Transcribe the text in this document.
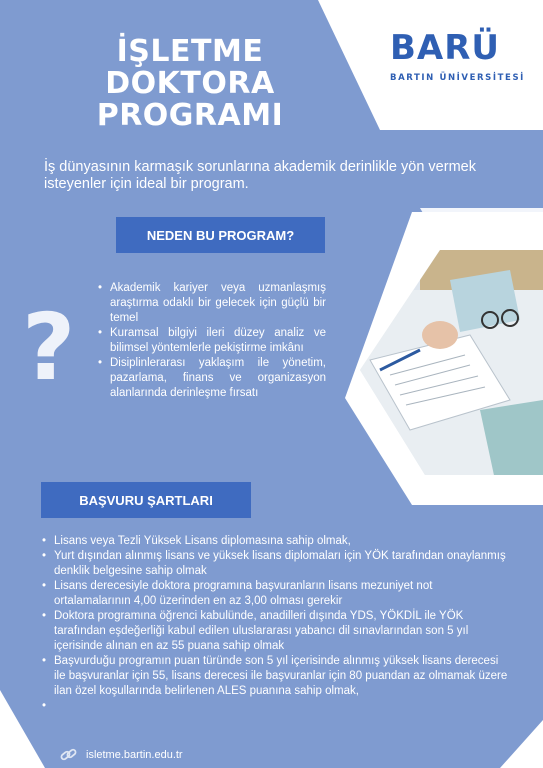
İŞLETME
DOKTORA
PROGRAMI
BARÜ
BARTIN ÜNİVERSİTESİ
İş dünyasının karmaşık sorunlarına akademik derinlikle yön vermek isteyenler için ideal bir program.
NEDEN BU PROGRAM?
?
• Akademik kariyer veya uzmanlaşmış araştırma odaklı bir gelecek için güçlü bir temel
• Kuramsal bilgiyi ileri düzey analiz ve bilimsel yöntemlerle pekiştirme imkânı
• Disiplinlerarası yaklaşım ile yönetim, pazarlama, finans ve organizasyon alanlarında derinleşme fırsatı
BAŞVURU ŞARTLARI
• Lisans veya Tezli Yüksek Lisans diplomasına sahip olmak,
• Yurt dışından alınmış lisans ve yüksek lisans diplomaları için YÖK tarafından onaylanmış denklik belgesine sahip olmak
• Lisans derecesiyle doktora programına başvuranların lisans mezuniyet not ortalamalarının 4,00 üzerinden en az 3,00 olması gerekir
• Doktora programına öğrenci kabulünde, anadilleri dışında YDS, YÖKDİL ile YÖK tarafından eşdeğerliği kabul edilen uluslararası yabancı dil sınavlarından son 5 yıl içerisinde alınan en az 55 puana sahip olmak
• Başvurduğu programın puan türünde son 5 yıl içerisinde alınmış yüksek lisans derecesi ile başvuranlar için 55, lisans derecesi ile başvuranlar için 80 puandan az olmamak üzere ilan özel koşullarında belirlenen ALES puanına sahip olmak,
isletme.bartin.edu.tr
